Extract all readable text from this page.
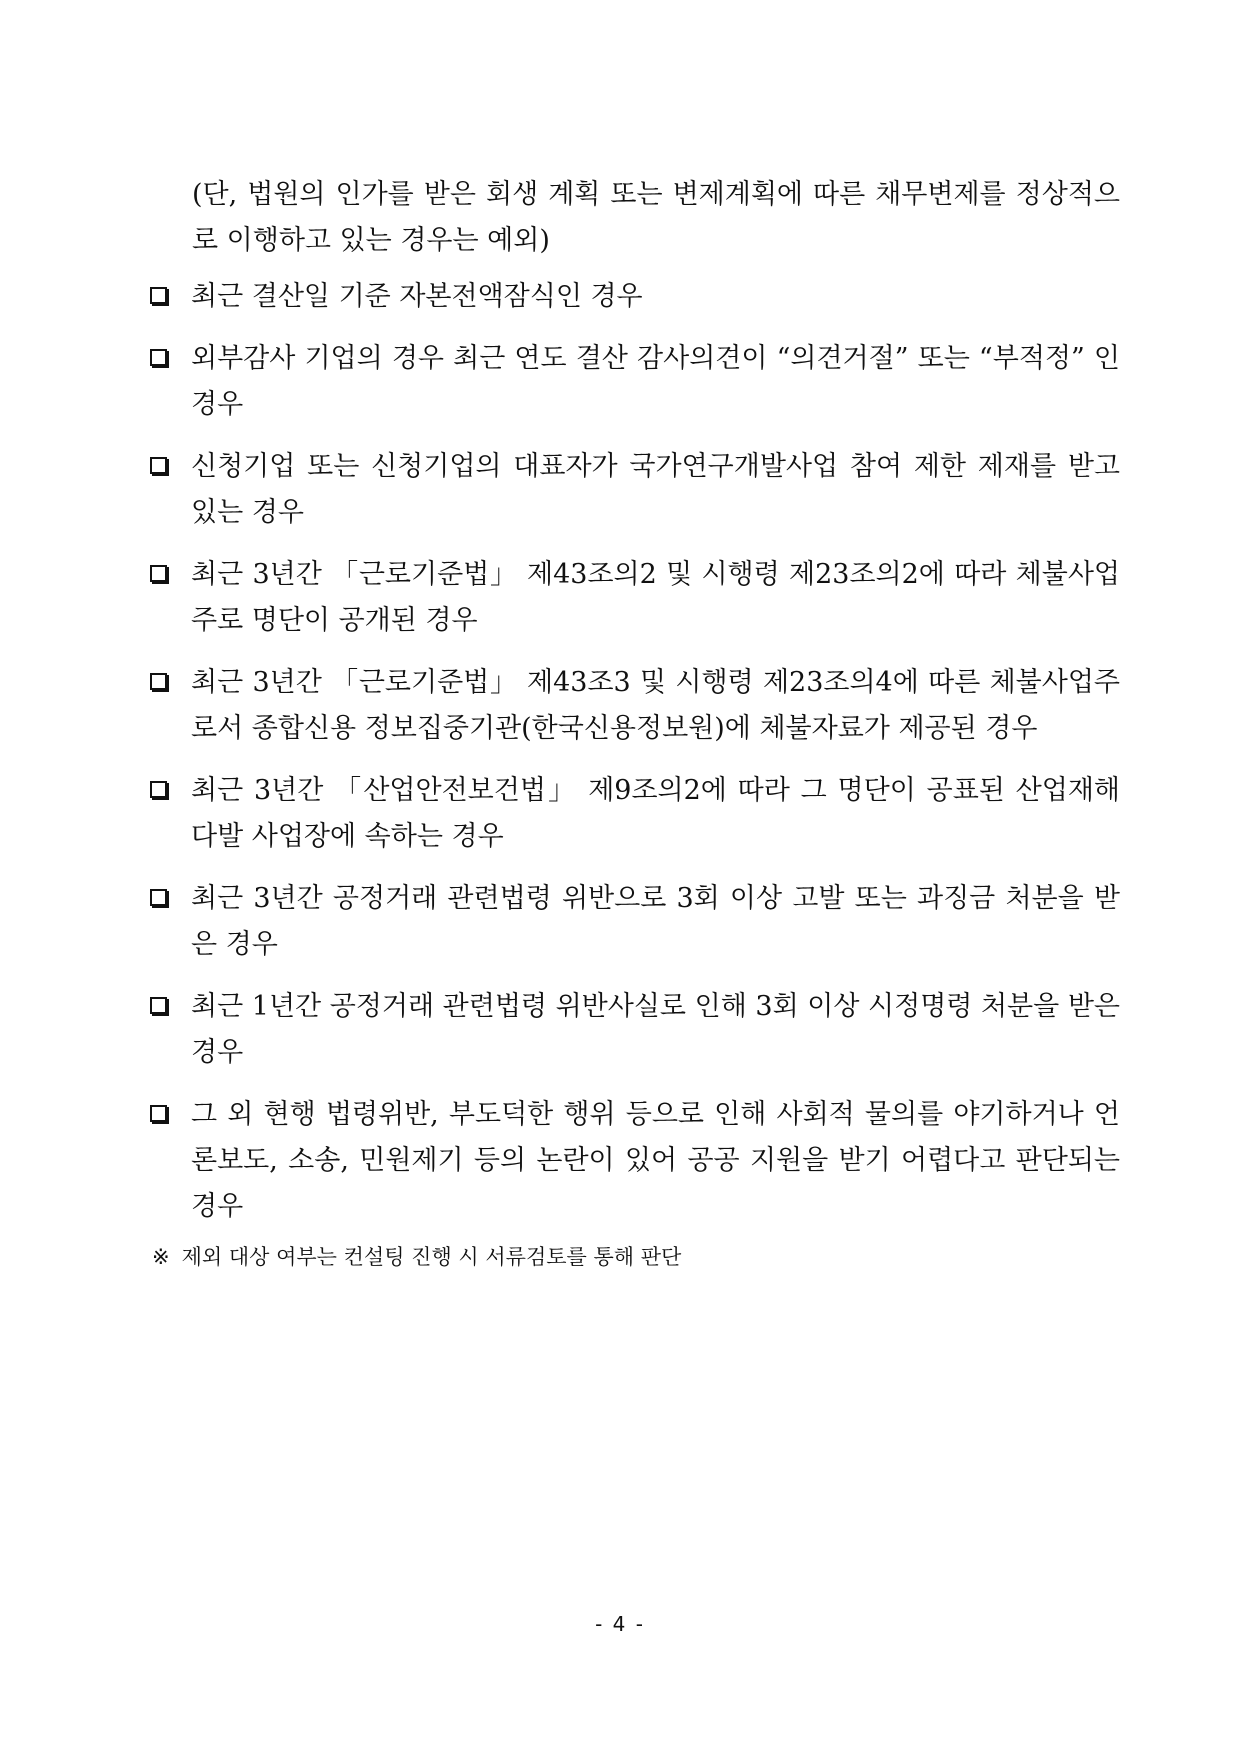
(단, 법원의 인가를 받은 회생 계획 또는 변제계획에 따른 채무변제를 정상적으로 이행하고 있는 경우는 예외)

최근 결산일 기준 자본전액잠식인 경우
외부감사 기업의 경우 최근 연도 결산 감사의견이 “의견거절” 또는 “부적정” 인 경우
신청기업 또는 신청기업의 대표자가 국가연구개발사업 참여 제한 제재를 받고있는 경우
최근 3년간 「근로기준법」 제43조의2 및 시행령 제23조의2에 따라 체불사업주로 명단이 공개된 경우
최근 3년간 「근로기준법」 제43조3 및 시행령 제23조의4에 따른 체불사업주로서 종합신용 정보집중기관(한국신용정보원)에 체불자료가 제공된 경우
최근 3년간 「산업안전보건법」 제9조의2에 따라 그 명단이 공표된 산업재해 다발 사업장에 속하는 경우
최근 3년간 공정거래 관련법령 위반으로 3회 이상 고발 또는 과징금 처분을 받은 경우
최근 1년간 공정거래 관련법령 위반사실로 인해 3회 이상 시정명령 처분을 받은 경우
그 외 현행 법령위반, 부도덕한 행위 등으로 인해 사회적 물의를 야기하거나 언론보도, 소송, 민원제기 등의 논란이 있어 공공 지원을 받기 어렵다고 판단되는 경우
※ 제외 대상 여부는 컨설팅 진행 시 서류검토를 통해 판단
- 4 -
